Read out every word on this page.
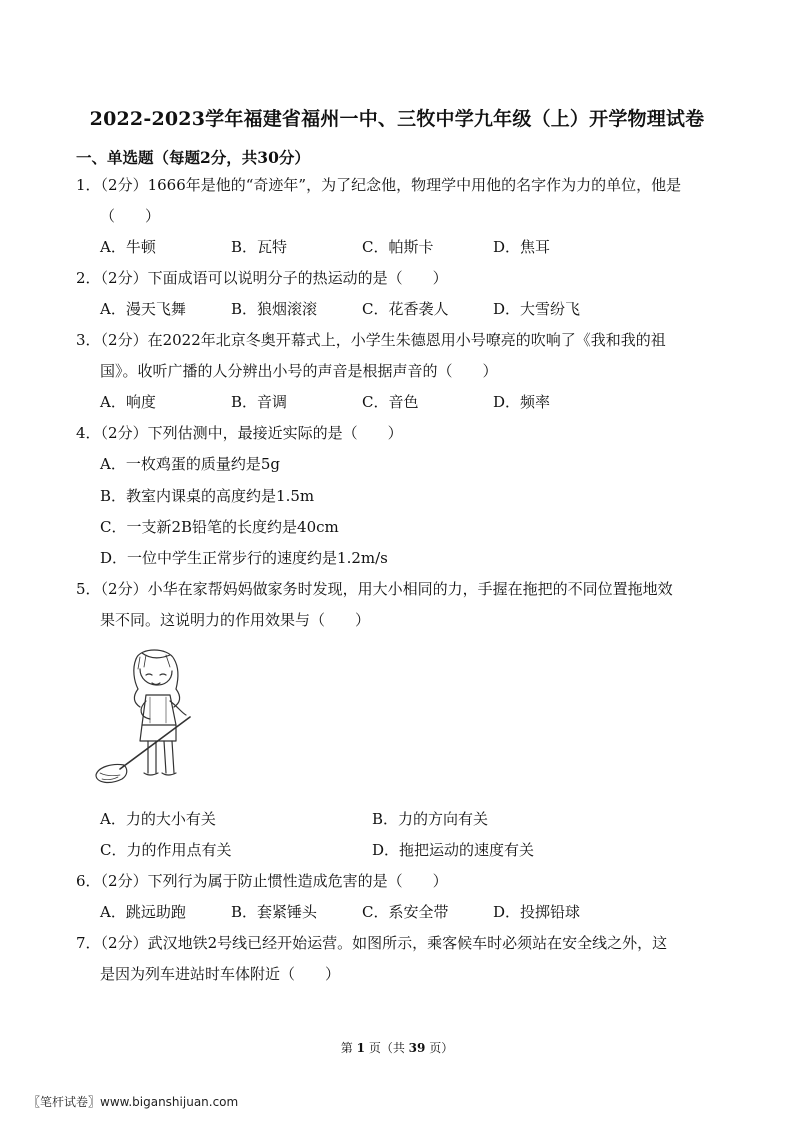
2022-2023学年福建省福州一中、三牧中学九年级（上）开学物理试卷
一、单选题（每题2分，共30分）
1．（2分）1666年是他的“奇迹年”，为了纪念他，物理学中用他的名字作为力的单位，他是
（　　）
A．牛顿	B．瓦特	C．帕斯卡	D．焦耳
2．（2分）下面成语可以说明分子的热运动的是（　　）
A．漫天飞舞	B．狼烟滚滚	C．花香袭人	D．大雪纷飞
3．（2分）在2022年北京冬奥开幕式上，小学生朱德恩用小号嘹亮的吹响了《我和我的祖
国》。收听广播的人分辨出小号的声音是根据声音的（　　）
A．响度	B．音调	C．音色	D．频率
4．（2分）下列估测中，最接近实际的是（　　）
A．一枚鸡蛋的质量约是5g
B．教室内课桌的高度约是1.5m
C．一支新2B铅笔的长度约是40cm
D．一位中学生正常步行的速度约是1.2m/s
5．（2分）小华在家帮妈妈做家务时发现，用大小相同的力，手握在拖把的不同位置拖地效
果不同。这说明力的作用效果与（　　）
A．力的大小有关	B．力的方向有关
C．力的作用点有关	D．拖把运动的速度有关
6．（2分）下列行为属于防止惯性造成危害的是（　　）
A．跳远助跑	B．套紧锤头	C．系安全带	D．投掷铅球
7．（2分）武汉地铁2号线已经开始运营。如图所示，乘客候车时必须站在安全线之外，这
是因为列车进站时车体附近（　　）
第 1 页（共 39 页）
〖笔杆试卷〗www.biganshijuan.com
